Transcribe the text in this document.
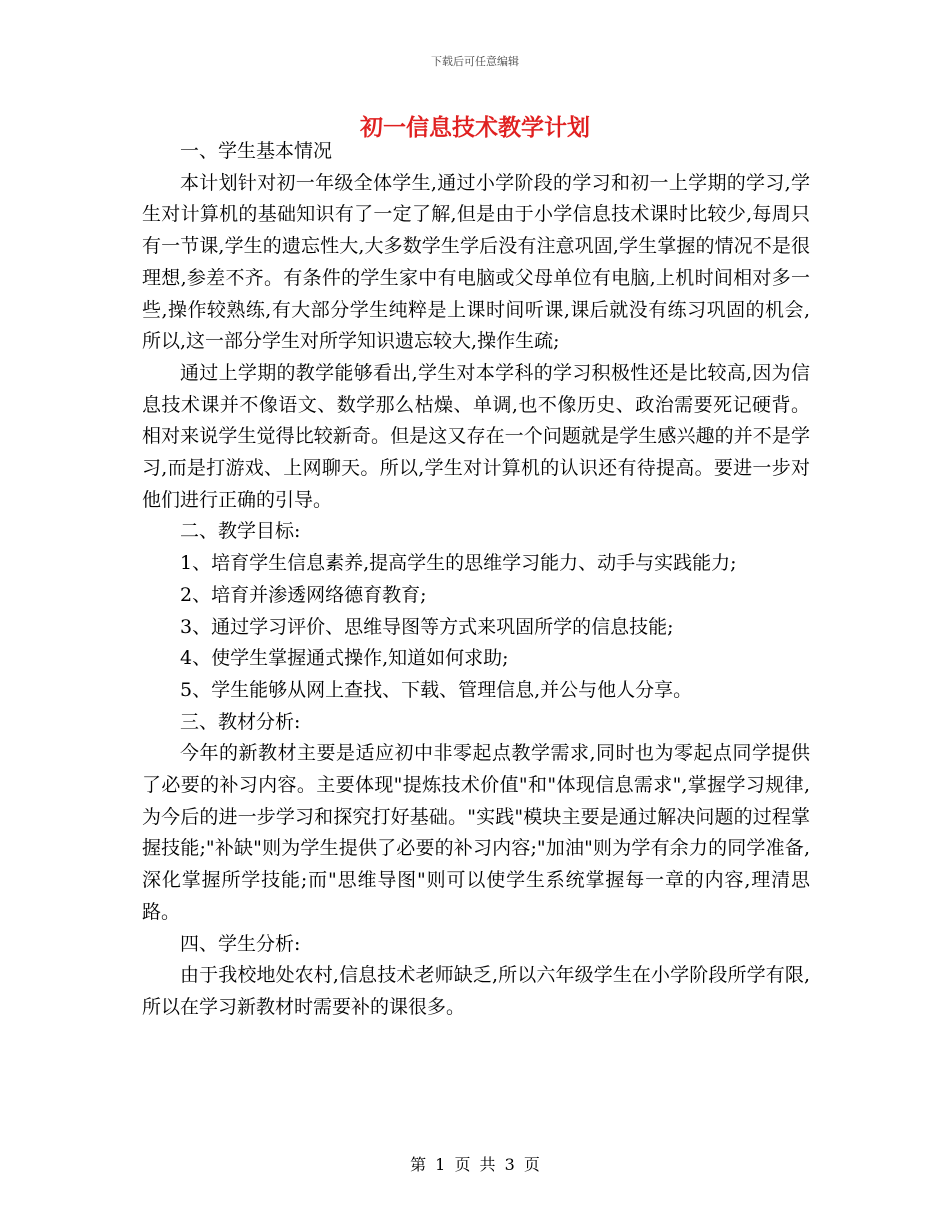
下载后可任意编辑
初一信息技术教学计划

一、学生基本情况

本计划针对初一年级全体学生,通过小学阶段的学习和初一上学期的学习,学生对计算机的基础知识有了一定了解,但是由于小学信息技术课时比较少,每周只有一节课,学生的遗忘性大,大多数学生学后没有注意巩固,学生掌握的情况不是很理想,参差不齐。有条件的学生家中有电脑或父母单位有电脑,上机时间相对多一些,操作较熟练,有大部分学生纯粹是上课时间听课,课后就没有练习巩固的机会,所以,这一部分学生对所学知识遗忘较大,操作生疏;

通过上学期的教学能够看出,学生对本学科的学习积极性还是比较高,因为信息技术课并不像语文、数学那么枯燥、单调,也不像历史、政治需要死记硬背。相对来说学生觉得比较新奇。但是这又存在一个问题就是学生感兴趣的并不是学习,而是打游戏、上网聊天。所以,学生对计算机的认识还有待提高。要进一步对他们进行正确的引导。

二、教学目标:

1、培育学生信息素养,提高学生的思维学习能力、动手与实践能力;

2、培育并渗透网络德育教育;

3、通过学习评价、思维导图等方式来巩固所学的信息技能;

4、使学生掌握通式操作,知道如何求助;

5、学生能够从网上查找、下载、管理信息,并公与他人分享。

三、教材分析:

今年的新教材主要是适应初中非零起点教学需求,同时也为零起点同学提供了必要的补习内容。主要体现"提炼技术价值"和"体现信息需求",掌握学习规律,为今后的进一步学习和探究打好基础。"实践"模块主要是通过解决问题的过程掌握技能;"补缺"则为学生提供了必要的补习内容;"加油"则为学有余力的同学准备,深化掌握所学技能;而"思维导图"则可以使学生系统掌握每一章的内容,理清思路。

四、学生分析:

由于我校地处农村,信息技术老师缺乏,所以六年级学生在小学阶段所学有限,所以在学习新教材时需要补的课很多。

第 1 页 共 3 页
